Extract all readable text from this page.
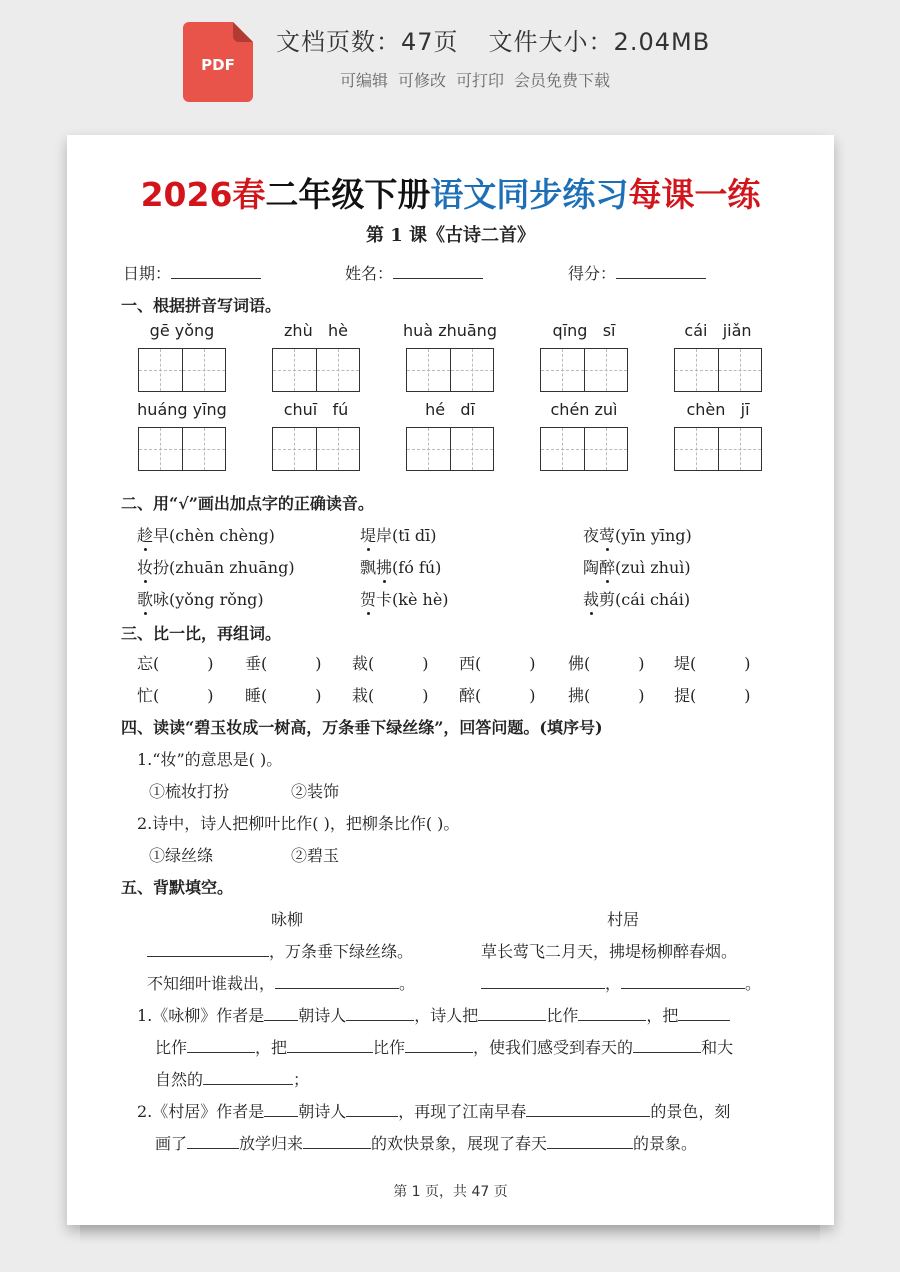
PDF
文档页数：47页 文件大小：2.04MB
可编辑 可修改 可打印 会员免费下载
2026春二年级下册语文同步练习每课一练
第 1 课《古诗二首》
日期：	姓名：	得分：
一、根据拼音写词语。
gē yǒng	zhù   hè	huà zhuāng	qīng   sī	cái   jiǎn
huáng yīng	chuī   fú	hé   dī	chén zuì	chèn   jī
二、用“√”画出加点字的正确读音。
趁早(chèn chèng)	堤岸(tī dī)	夜莺(yīn yīng)
妆扮(zhuān zhuāng)	飘拂(fó fú)	陶醉(zuì zhuì)
歌咏(yǒng rǒng)	贺卡(kè hè)	裁剪(cái chái)
三、比一比，再组词。
忘(	) 垂(	) 裁(	) 西(	) 佛(	) 堤(	)
忙(	) 睡(	) 栽(	) 醉(	) 拂(	) 提(	)
四、读读“碧玉妆成一树高，万条垂下绿丝绦”，回答问题。(填序号)
1.“妆”的意思是( )。
①梳妆打扮	②装饰
2.诗中，诗人把柳叶比作( )，把柳条比作( )。
①绿丝绦	②碧玉
五、背默填空。
咏柳	村居
，万条垂下绿丝绦。	草长莺飞二月天，拂堤杨柳醉春烟。
不知细叶谁裁出，	。	，	。
1.《咏柳》作者是 朝诗人	，诗人把	比作	，把
比作	，把	比作	，使我们感受到春天的	和大
自然的	；
2.《村居》作者是 朝诗人	，再现了江南早春	的景色，刻
画了	放学归来	的欢快景象，展现了春天	的景象。
第 1 页，共 47 页
